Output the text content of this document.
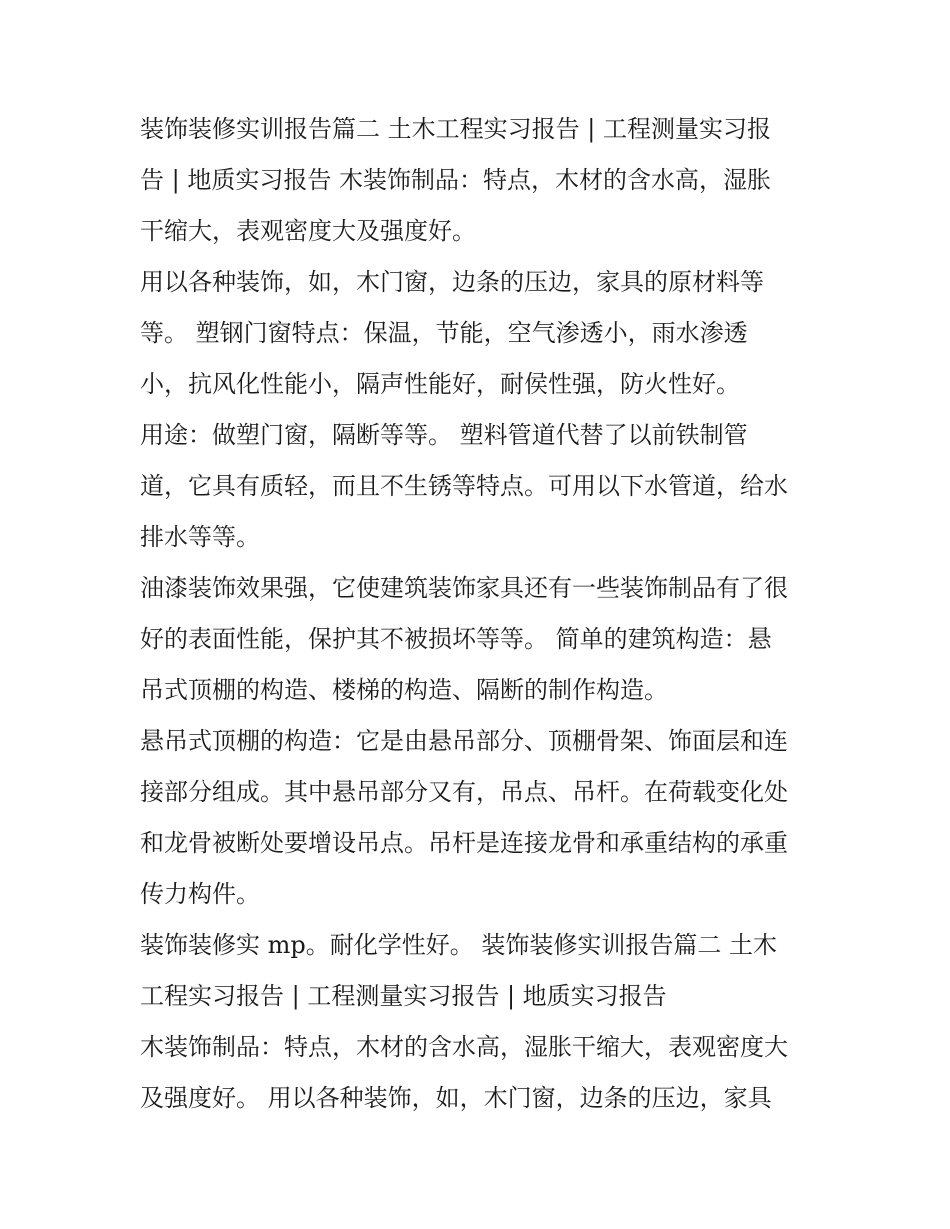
装饰装修实训报告篇二 土木工程实习报告 | 工程测量实习报
告 | 地质实习报告 木装饰制品：特点，木材的含水高，湿胀
干缩大，表观密度大及强度好。
用以各种装饰，如，木门窗，边条的压边，家具的原材料等
等。 塑钢门窗特点：保温，节能，空气渗透小，雨水渗透
小，抗风化性能小，隔声性能好，耐侯性强，防火性好。
用途：做塑门窗，隔断等等。 塑料管道代替了以前铁制管
道，它具有质轻，而且不生锈等特点。可用以下水管道，给水
排水等等。
油漆装饰效果强，它使建筑装饰家具还有一些装饰制品有了很
好的表面性能，保护其不被损坏等等。 简单的建筑构造：悬
吊式顶棚的构造、楼梯的构造、隔断的制作构造。
悬吊式顶棚的构造：它是由悬吊部分、顶棚骨架、饰面层和连
接部分组成。其中悬吊部分又有，吊点、吊杆。在荷载变化处
和龙骨被断处要增设吊点。吊杆是连接龙骨和承重结构的承重
传力构件。
装饰装修实 mp。耐化学性好。 装饰装修实训报告篇二 土木
工程实习报告 | 工程测量实习报告 | 地质实习报告
木装饰制品：特点，木材的含水高，湿胀干缩大，表观密度大
及强度好。 用以各种装饰，如，木门窗，边条的压边，家具
